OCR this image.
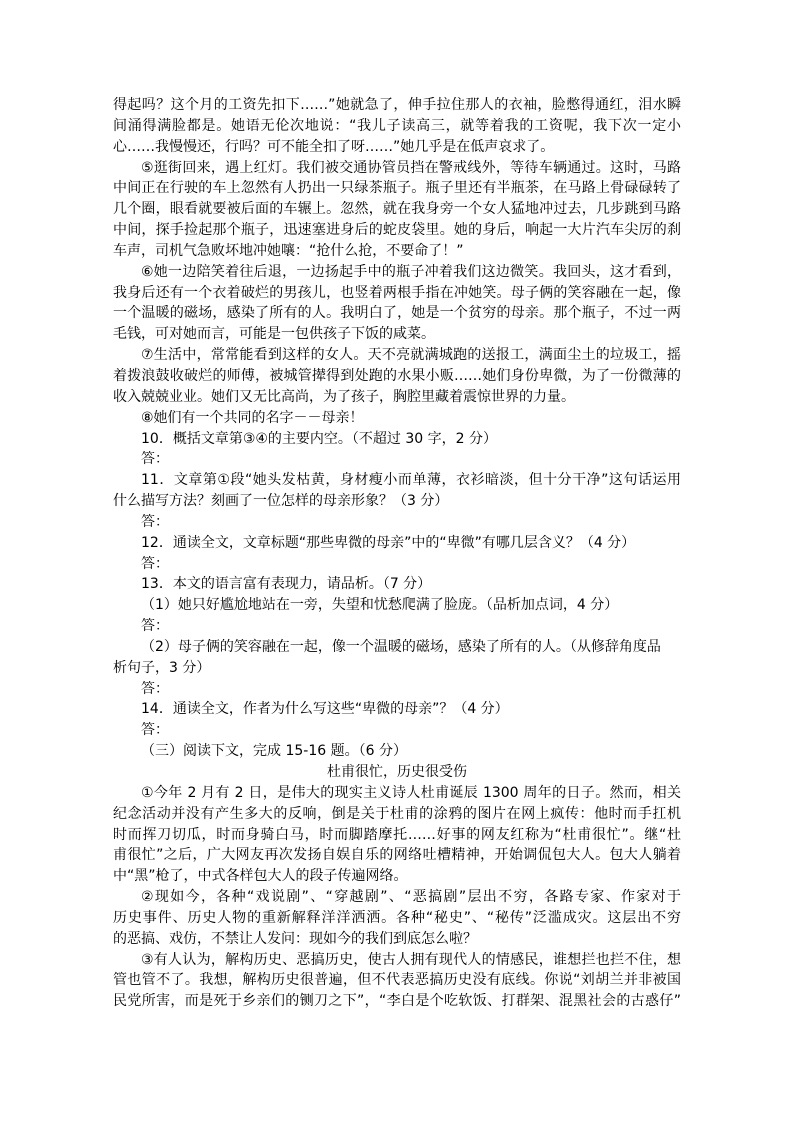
得起吗？这个月的工资先扣下……”她就急了，伸手拉住那人的衣袖，脸憋得通红，泪水瞬
间涌得满脸都是。她语无伦次地说：“我儿子读高三，就等着我的工资呢，我下次一定小
心……我慢慢还，行吗？可不能全扣了呀……”她几乎是在低声哀求了。
⑤逛街回来，遇上红灯。我们被交通协管员挡在警戒线外，等待车辆通过。这时，马路
中间正在行驶的车上忽然有人扔出一只绿茶瓶子。瓶子里还有半瓶茶，在马路上骨碌碌转了
几个圈，眼看就要被后面的车辗上。忽然，就在我身旁一个女人猛地冲过去，几步跳到马路
中间，探手捡起那个瓶子，迅速塞进身后的蛇皮袋里。她的身后，响起一大片汽车尖厉的刹
车声，司机气急败坏地冲她嚷：“抢什么抢，不要命了！”
⑥她一边陪笑着往后退，一边扬起手中的瓶子冲着我们这边微笑。我回头，这才看到，
我身后还有一个衣着破烂的男孩儿，也竖着两根手指在冲她笑。母子俩的笑容融在一起，像
一个温暖的磁场，感染了所有的人。我明白了，她是一个贫穷的母亲。那个瓶子，不过一两
毛钱，可对她而言，可能是一包供孩子下饭的咸菜。
⑦生活中，常常能看到这样的女人。天不亮就满城跑的送报工，满面尘土的垃圾工，摇
着拨浪鼓收破烂的师傅，被城管撵得到处跑的水果小贩……她们身份卑微，为了一份微薄的
收入兢兢业业。她们又无比高尚，为了孩子，胸腔里藏着震惊世界的力量。
⑧她们有一个共同的名字－－母亲！
10．概括文章第③④的主要内空。（不超过 30 字，2 分）
答：
11．文章第①段“她头发枯黄，身材瘦小而单薄，衣衫暗淡，但十分干净”这句话运用
什么描写方法？刻画了一位怎样的母亲形象？（3 分）
答：
12．通读全文，文章标题“那些卑微的母亲”中的“卑微”有哪几层含义？（4 分）
答：
13．本文的语言富有表现力，请品析。（7 分）
（1）她只好尴尬地站在一旁，失望和忧愁爬满了脸庞。（品析加点词，4 分）
答：
（2）母子俩的笑容融在一起，像一个温暖的磁场，感染了所有的人。（从修辞角度品
析句子，3 分）
答：
14．通读全文，作者为什么写这些“卑微的母亲”？（4 分）
答：
（三）阅读下文，完成 15-16 题。（6 分）
杜甫很忙，历史很受伤
①今年 2 月有 2 日，是伟大的现实主义诗人杜甫诞辰 1300 周年的日子。然而，相关
纪念活动并没有产生多大的反响，倒是关于杜甫的涂鸦的图片在网上疯传：他时而手扛机
时而挥刀切瓜，时而身骑白马，时而脚踏摩托……好事的网友红称为“杜甫很忙”。继“杜
甫很忙”之后，广大网友再次发扬自娱自乐的网络吐槽精神，开始调侃包大人。包大人躺着
中“黑”枪了，中式各样包大人的段子传遍网络。
②现如今，各种“戏说剧”、“穿越剧”、“恶搞剧”层出不穷，各路专家、作家对于
历史事件、历史人物的重新解释洋洋洒洒。各种“秘史”、“秘传”泛滥成灾。这层出不穷
的恶搞、戏仿，不禁让人发问：现如今的我们到底怎么啦？
③有人认为，解构历史、恶搞历史，使古人拥有现代人的情感民，谁想拦也拦不住，想
管也管不了。我想，解构历史很普遍，但不代表恶搞历史没有底线。你说“刘胡兰并非被国
民党所害，而是死于乡亲们的铡刀之下”，“李白是个吃软饭、打群架、混黑社会的古惑仔”
